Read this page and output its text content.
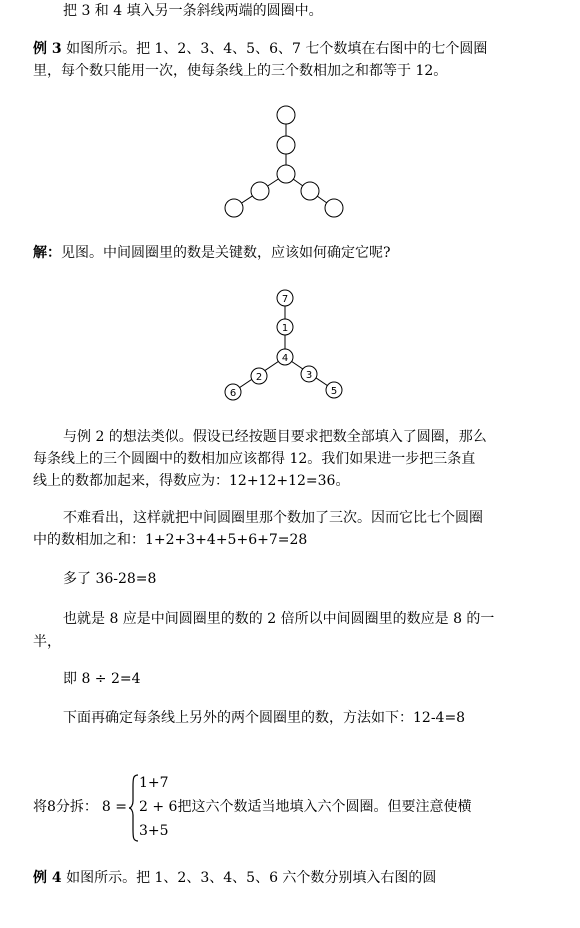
把 3 和 4 填入另一条斜线两端的圆圈中。
例 3 如图所示。把 1、2、3、4、5、6、7 七个数填在右图中的七个圆圈
里，每个数只能用一次，使每条线上的三个数相加之和都等于 12。
解：见图。中间圆圈里的数是关键数，应该如何确定它呢?
7
1
4
2
6
3
5
与例 2 的想法类似。假设已经按题目要求把数全部填入了圆圈，那么
每条线上的三个圆圈中的数相加应该都得 12。我们如果进一步把三条直
线上的数都加起来，得数应为：12+12+12=36。
不难看出，这样就把中间圆圈里那个数加了三次。因而它比七个圆圈
中的数相加之和：1+2+3+4+5+6+7=28
多了 36-28=8
也就是 8 应是中间圆圈里的数的 2 倍所以中间圆圈里的数应是 8 的一
半，
即 8 ÷ 2=4
下面再确定每条线上另外的两个圆圈里的数，方法如下：12-4=8
将8分拆： 8 =
1+7
2 + 6把这六个数适当地填入六个圆圈。但要注意使横
3+5
例 4 如图所示。把 1、2、3、4、5、6 六个数分别填入右图的圆
